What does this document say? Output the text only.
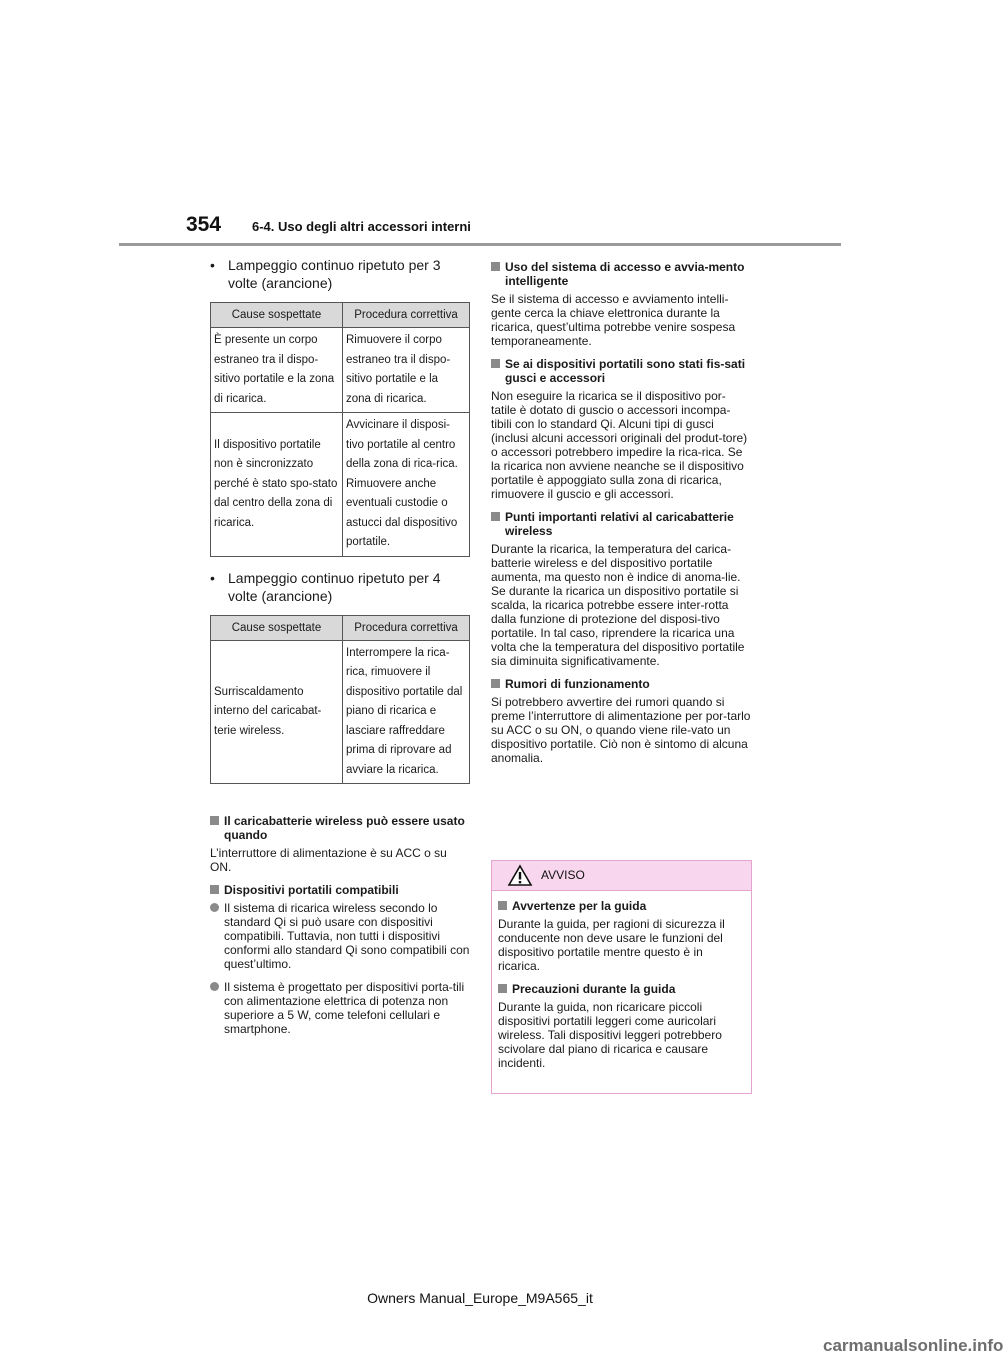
354 6-4. Uso degli altri accessori interni
• Lampeggio continuo ripetuto per 3 volte (arancione)
Cause sospettate	Procedura correttiva
È presente un corpo estraneo tra il dispo-sitivo portatile e la zona di ricarica.	Rimuovere il corpo estraneo tra il dispo-sitivo portatile e la zona di ricarica.
Il dispositivo portatile non è sincronizzato perché è stato spo-stato dal centro della zona di ricarica.	Avvicinare il disposi-tivo portatile al centro della zona di rica-rica. Rimuovere anche eventuali custodie o astucci dal dispositivo portatile.
• Lampeggio continuo ripetuto per 4 volte (arancione)
Cause sospettate	Procedura correttiva
Surriscaldamento interno del caricabat-terie wireless.	Interrompere la rica-rica, rimuovere il dispositivo portatile dal piano di ricarica e lasciare raffreddare prima di riprovare ad avviare la ricarica.
Il caricabatterie wireless può essere usato quando
L’interruttore di alimentazione è su ACC o su ON.
Dispositivi portatili compatibili
Il sistema di ricarica wireless secondo lo standard Qi si può usare con dispositivi compatibili. Tuttavia, non tutti i dispositivi conformi allo standard Qi sono compatibili con quest’ultimo.
Il sistema è progettato per dispositivi porta-tili con alimentazione elettrica di potenza non superiore a 5 W, come telefoni cellulari e smartphone.
Uso del sistema di accesso e avvia-mento intelligente
Se il sistema di accesso e avviamento intelli-gente cerca la chiave elettronica durante la ricarica, quest’ultima potrebbe venire sospesa temporaneamente.
Se ai dispositivi portatili sono stati fis-sati gusci e accessori
Non eseguire la ricarica se il dispositivo por-tatile è dotato di guscio o accessori incompa-tibili con lo standard Qi. Alcuni tipi di gusci (inclusi alcuni accessori originali del produt-tore) o accessori potrebbero impedire la rica-rica. Se la ricarica non avviene neanche se il dispositivo portatile è appoggiato sulla zona di ricarica, rimuovere il guscio e gli accessori.
Punti importanti relativi al caricabatterie wireless
Durante la ricarica, la temperatura del carica-batterie wireless e del dispositivo portatile aumenta, ma questo non è indice di anoma-lie.
Se durante la ricarica un dispositivo portatile si scalda, la ricarica potrebbe essere inter-rotta dalla funzione di protezione del disposi-tivo portatile. In tal caso, riprendere la ricarica una volta che la temperatura del dispositivo portatile sia diminuita significativamente.
Rumori di funzionamento
Si potrebbero avvertire dei rumori quando si preme l’interruttore di alimentazione per por-tarlo su ACC o su ON, o quando viene rile-vato un dispositivo portatile. Ciò non è sintomo di alcuna anomalia.
AVVISO
Avvertenze per la guida
Durante la guida, per ragioni di sicurezza il conducente non deve usare le funzioni del dispositivo portatile mentre questo è in ricarica.
Precauzioni durante la guida
Durante la guida, non ricaricare piccoli dispositivi portatili leggeri come auricolari wireless. Tali dispositivi leggeri potrebbero scivolare dal piano di ricarica e causare incidenti.
Owners Manual_Europe_M9A565_it
carmanualsonline.info
